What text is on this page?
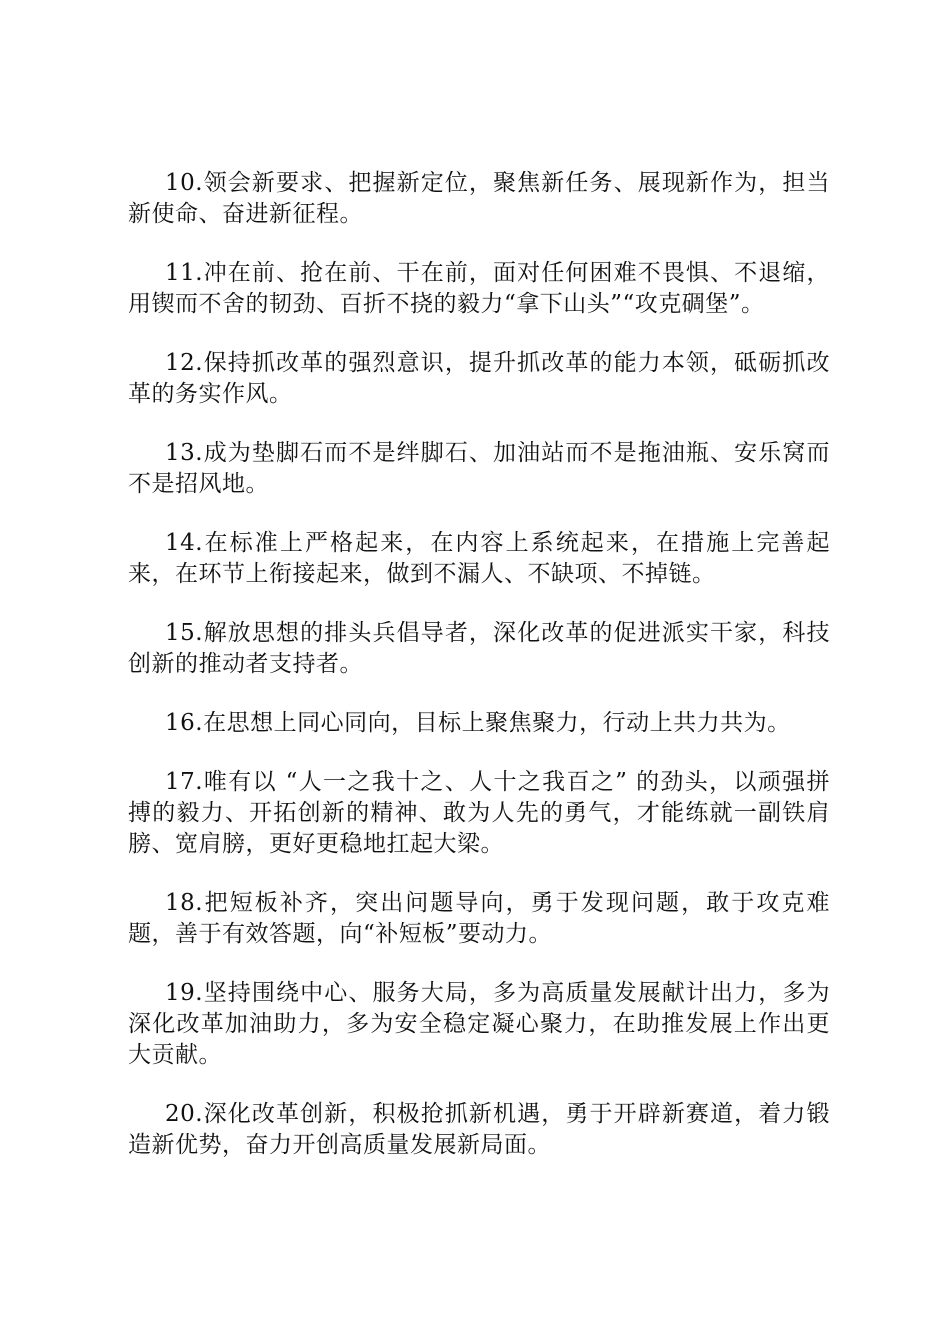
10.领会新要求、把握新定位，聚焦新任务、展现新作为，担当新使命、奋进新征程。

11.冲在前、抢在前、干在前，面对任何困难不畏惧、不退缩，用锲而不舍的韧劲、百折不挠的毅力“拿下山头”“攻克碉堡”。

12.保持抓改革的强烈意识，提升抓改革的能力本领，砥砺抓改革的务实作风。

13.成为垫脚石而不是绊脚石、加油站而不是拖油瓶、安乐窝而不是招风地。

14.在标准上严格起来，在内容上系统起来，在措施上完善起来，在环节上衔接起来，做到不漏人、不缺项、不掉链。

15.解放思想的排头兵倡导者，深化改革的促进派实干家，科技创新的推动者支持者。

16.在思想上同心同向，目标上聚焦聚力，行动上共力共为。

17.唯有以 “人一之我十之、人十之我百之” 的劲头，以顽强拼搏的毅力、开拓创新的精神、敢为人先的勇气，才能练就一副铁肩膀、宽肩膀，更好更稳地扛起大梁。

18.把短板补齐，突出问题导向，勇于发现问题，敢于攻克难题，善于有效答题，向“补短板”要动力。

19.坚持围绕中心、服务大局，多为高质量发展献计出力，多为深化改革加油助力，多为安全稳定凝心聚力，在助推发展上作出更大贡献。

20.深化改革创新，积极抢抓新机遇，勇于开辟新赛道，着力锻造新优势，奋力开创高质量发展新局面。
